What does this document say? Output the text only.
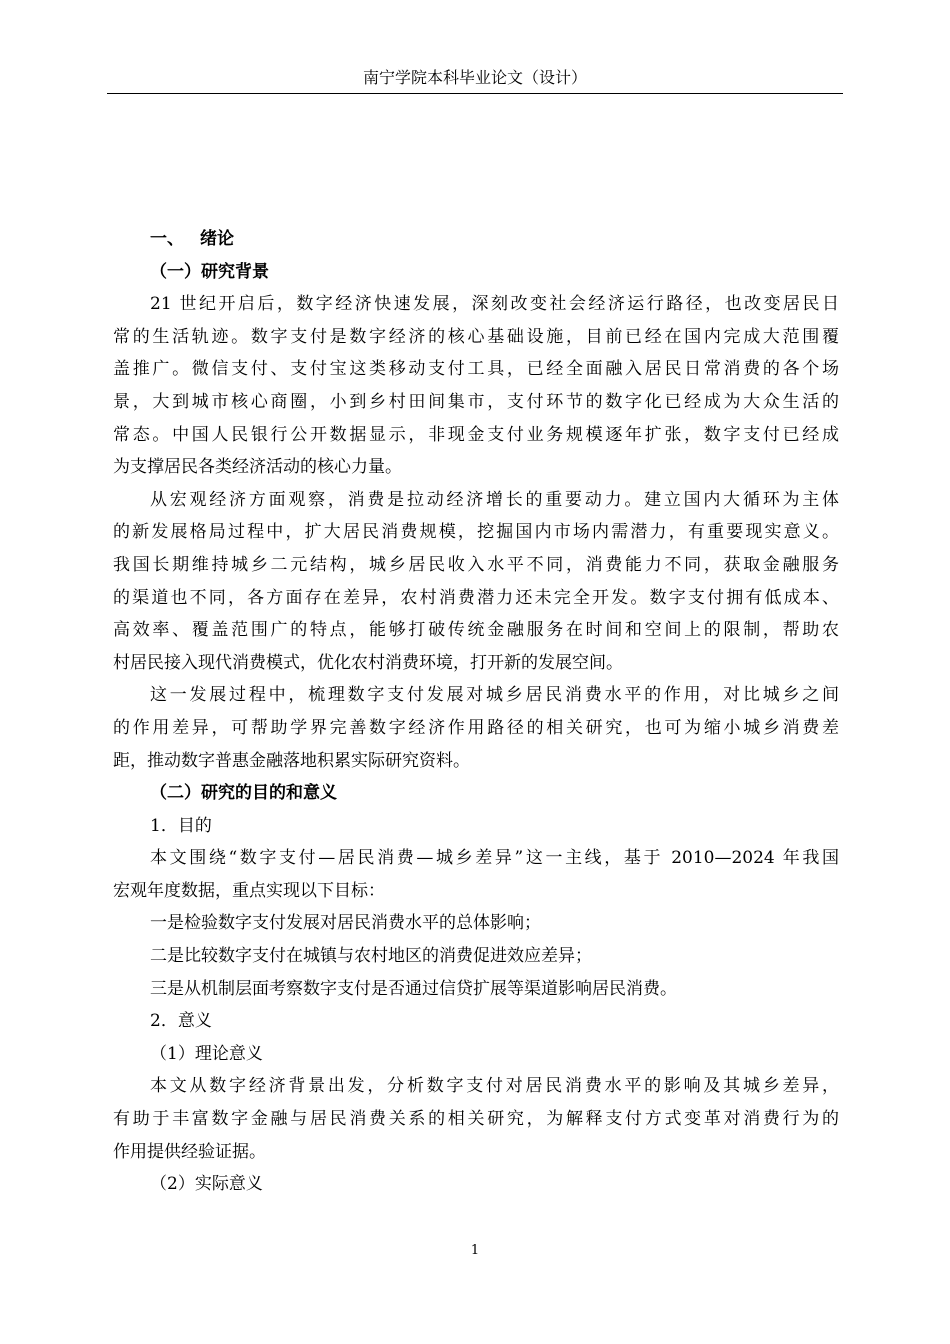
南宁学院本科毕业论文（设计）
一、 绪论
（一）研究背景
21 世纪开启后，数字经济快速发展，深刻改变社会经济运行路径，也改变居民日
常的生活轨迹。数字支付是数字经济的核心基础设施，目前已经在国内完成大范围覆
盖推广。微信支付、支付宝这类移动支付工具，已经全面融入居民日常消费的各个场
景，大到城市核心商圈，小到乡村田间集市，支付环节的数字化已经成为大众生活的
常态。中国人民银行公开数据显示，非现金支付业务规模逐年扩张，数字支付已经成
为支撑居民各类经济活动的核心力量。
从宏观经济方面观察，消费是拉动经济增长的重要动力。建立国内大循环为主体
的新发展格局过程中，扩大居民消费规模，挖掘国内市场内需潜力，有重要现实意义。
我国长期维持城乡二元结构，城乡居民收入水平不同，消费能力不同，获取金融服务
的渠道也不同，各方面存在差异，农村消费潜力还未完全开发。数字支付拥有低成本、
高效率、覆盖范围广的特点，能够打破传统金融服务在时间和空间上的限制，帮助农
村居民接入现代消费模式，优化农村消费环境，打开新的发展空间。
这一发展过程中，梳理数字支付发展对城乡居民消费水平的作用，对比城乡之间
的作用差异，可帮助学界完善数字经济作用路径的相关研究，也可为缩小城乡消费差
距，推动数字普惠金融落地积累实际研究资料。
（二）研究的目的和意义
1．目的
本文围绕“数字支付—居民消费—城乡差异”这一主线，基于 2010—2024 年我国
宏观年度数据，重点实现以下目标：
一是检验数字支付发展对居民消费水平的总体影响；
二是比较数字支付在城镇与农村地区的消费促进效应差异；
三是从机制层面考察数字支付是否通过信贷扩展等渠道影响居民消费。
2．意义
（1）理论意义
本文从数字经济背景出发，分析数字支付对居民消费水平的影响及其城乡差异，
有助于丰富数字金融与居民消费关系的相关研究，为解释支付方式变革对消费行为的
作用提供经验证据。
（2）实际意义
1
